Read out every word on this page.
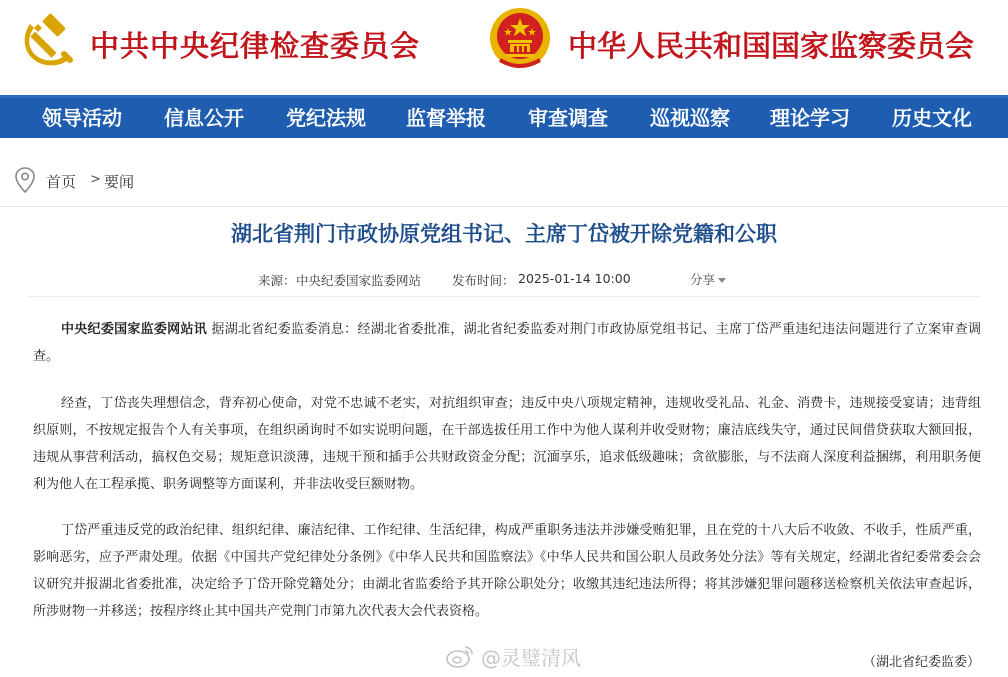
中共中央纪律检查委员会	中华人民共和国国家监察委员会
领导活动 信息公开 党纪法规 监督举报 审查调查 巡视巡察 理论学习 历史文化
首页 > 要闻
湖北省荆门市政协原党组书记、主席丁岱被开除党籍和公职
来源： 中央纪委国家监委网站 发布时间： 2025-01-14 10:00	分享

中央纪委国家监委网站讯 据湖北省纪委监委消息：经湖北省委批准，湖北省纪委监委对荆门市政协原党组书记、主席丁岱严重违纪违法问题进行了立案审查调查。

经查，丁岱丧失理想信念，背弃初心使命，对党不忠诚不老实，对抗组织审查；违反中央八项规定精神，违规收受礼品、礼金、消费卡，违规接受宴请；违背组织原则，不按规定报告个人有关事项，在组织函询时不如实说明问题，在干部选拔任用工作中为他人谋利并收受财物；廉洁底线失守，通过民间借贷获取大额回报，违规从事营利活动，搞权色交易；规矩意识淡薄，违规干预和插手公共财政资金分配；沉湎享乐，追求低级趣味；贪欲膨胀，与不法商人深度利益捆绑，利用职务便利为他人在工程承揽、职务调整等方面谋利，并非法收受巨额财物。

丁岱严重违反党的政治纪律、组织纪律、廉洁纪律、工作纪律、生活纪律，构成严重职务违法并涉嫌受贿犯罪，且在党的十八大后不收敛、不收手，性质严重，影响恶劣，应予严肃处理。依据《中国共产党纪律处分条例》《中华人民共和国监察法》《中华人民共和国公职人员政务处分法》等有关规定，经湖北省纪委常委会会议研究并报湖北省委批准，决定给予丁岱开除党籍处分；由湖北省监委给予其开除公职处分；收缴其违纪违法所得；将其涉嫌犯罪问题移送检察机关依法审查起诉，所涉财物一并移送；按程序终止其中国共产党荆门市第九次代表大会代表资格。

@灵璧清风	（湖北省纪委监委）
